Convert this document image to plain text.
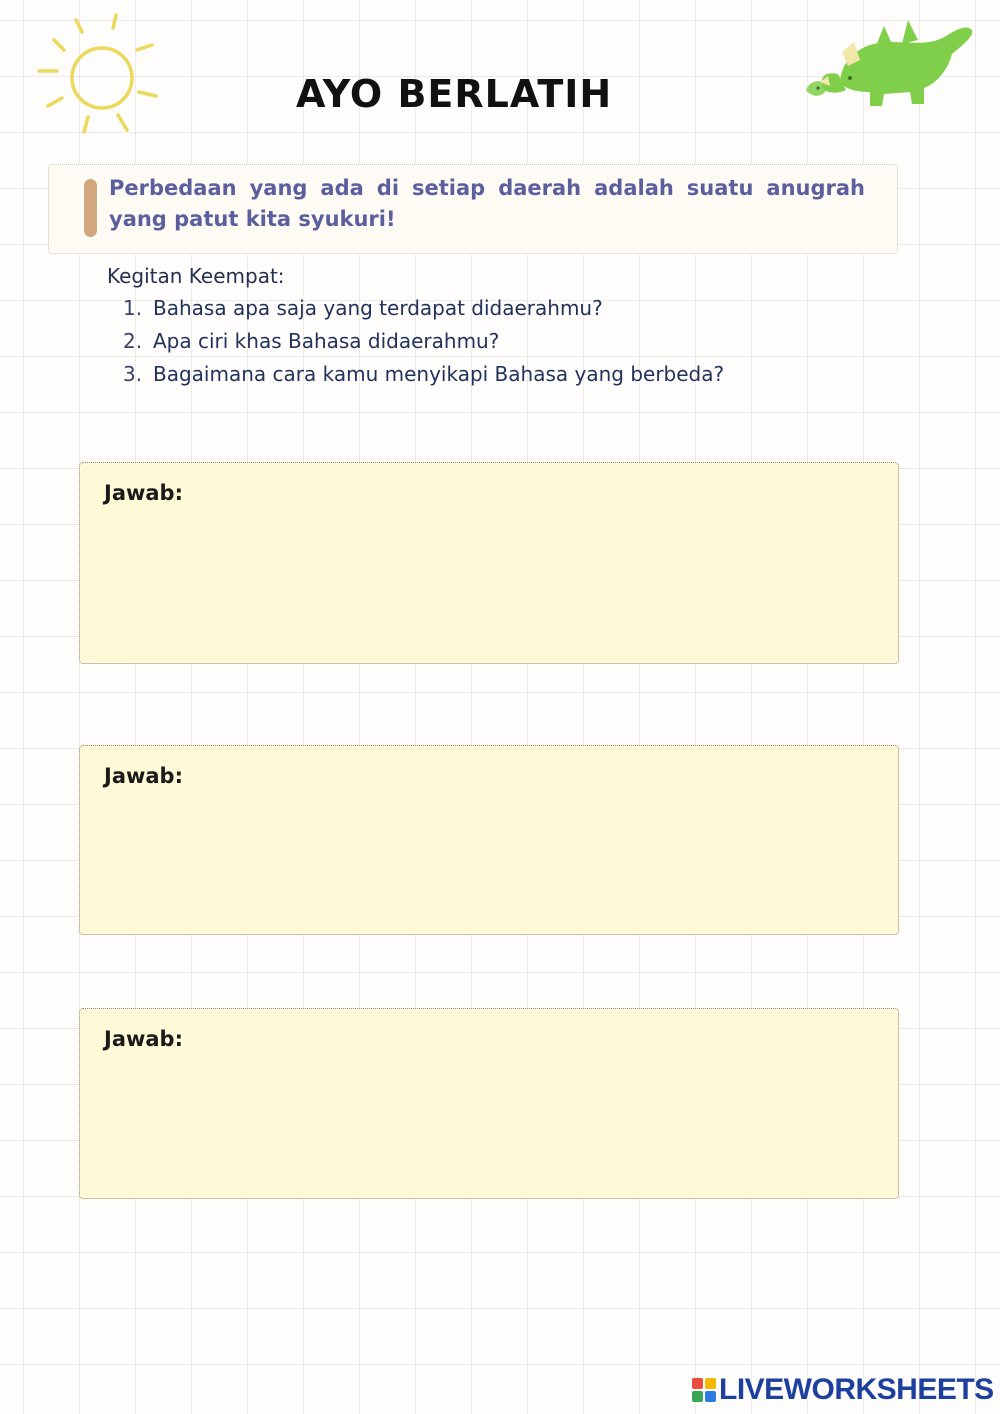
AYO BERLATIH

Perbedaan yang ada di setiap daerah adalah suatu anugrah yang patut kita syukuri!

Kegitan Keempat:

1. Bahasa apa saja yang terdapat didaerahmu?
2. Apa ciri khas Bahasa didaerahmu?
3. Bagaimana cara kamu menyikapi Bahasa yang berbeda?
Jawab:
Jawab:
Jawab:
LIVEWORKSHEETS
